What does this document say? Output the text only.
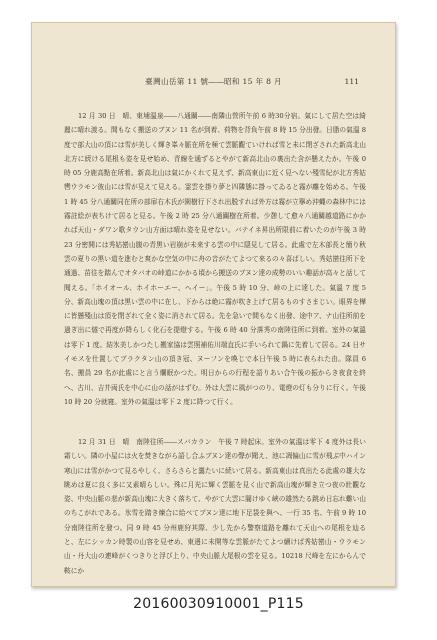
臺灣山岳第 11 號――昭和 15 年 8 月	111

12 月 30 日　晴、東埔溫泉――八通關――南隣山營所午前 6 時30分宿。氣にして居た空は綺麗に晴れ渡る。間もなく搬送のブヌン 11 名が到着、荷物を背負午前 8 時 15 分出發。日脂の氣溫 8 度で部大山の頂には雪が美しく輝き峯々脈在所を極て雲脈觀ていければ雪と未に閉ざされた新高北山北方に続ける尾根も姿を見せ始め、青線を通ずるとやがて新高北山の裏出た含が懸えたか。午後 0 時 05 分鹿高點在所着。新高北山は氣にかくれて見えず、新高東山に近く見へない殘雪紀が北方秀姑轡ウラモン彼山には雪が見えて見える。霊雲を掛り夢と四隣態に掛ってゐると霧が離を始める。午後 1 時 45 分八通關同在所の部扉右木氏が園樹行下され出脱すれば外方は霧が立擧め沖蝿の森林中には霧註絵が表ちけて居ると見る。午後 2 時 25 分八通關樹在所着。少憩して愈々八通關越道路にかかれば天山・ダワン歌タウン山方面は晴れ姿を見せない。バテイネ昇出所限前に着いたのが午後 3 時 23 分密開には秀姑巒山腹の青黒い岩崩が未来する雲の中に隠見して居る。此處で左木部長と簡り秋雲の夏りの黒い道を進むと爽かな空気の中に舟の音がたてよつて来るの々喜ばしい。秀姑巒往所下を通過、苗往を踏んでオタバオの峠道にかかる頃から搬送のブヌン達の成勢のいい趣話が高々と話して聞える。「ホイオール、ホイホーエー、ヘイー」。午後 5 時 10 分、峠の上に達した。氣溫 7 度 5 分、新高山塊の頂は黒い雲の中に在し、下からは絶に霧が吹き上げて居るものすさまじい。眼界を樺に皆懸殘山は頂を閉ざれて全く姿に消されて居る。先を急いで間もなく出發、途中ア、ナ山往所前を過ぎ出に燧で再度が降らしく化石を提燈する。午後 6 時 40 分落秀の南陸往所に到着。室外の氣溫は零下 1 度。結氷美しかつたし搬家協は雲照補佑川端直氏に手いられて鍋に先着して居る。24 日サイモスを仕置してブラクタン山の頂き冠、ヌーフンを喚じで本日午後 5 時に表られた由。隊員 6 名、搬員 29 名が此處にと言う爛眠かつた。明日からの行程を語りあい合午後の振からき夜食を終へ、古川、吉井両氏を中心に山の話がはずむ。外は大雲に風がつのり、電燈の灯も分りに行く。午後 10 時 20 分就寝。室外の氣溫は零下 2 度に降つて行く。

12 月 31 日　晴　南陸往所――スバカラン　午後 7 時起床。室外の氣溫は零下 4 度外は長い霜しい。隣の小屋には火を焚きながら語し合ふブヌン達の聲が聞え、池に凋偏山に雪が飛ぶ中ハイン寒山には雪がかつて見るやしく、さらさらと靄たいに続いて居る。新高東山は真出たる此處の雄大な眺めは夏に良く多に又素晴らしい。殊に月光に輝く雲脈を見く山で新高山塊が輝き立つ夜の壯觀な姿、中央山脈の悲が新高山塊に大きく落ちて、やがて大雲に闇けゆく峽の雄然たる跳め日忘れ難い山のちこがれである。氷雪を踏き煉合に給べてブヌン達に地下足袋を與へ、一行 35 名、午前 9 時 10 分南陸往所を發つ。同 9 時 45 分州鹿狩其際、少し先から警察道路を離れて天山への尾根を辿ると、左にシッカン時製の山容を見せめ、東邊に未開等な雲脈がたてよつ續けば秀姑巒山・ウラモン山・丹大山の連峰がくつきりと浮び上り、中央山脈大尾根の雲を見る。10218 尺峰を左にからんで鞍にか

20160030910001_P115
